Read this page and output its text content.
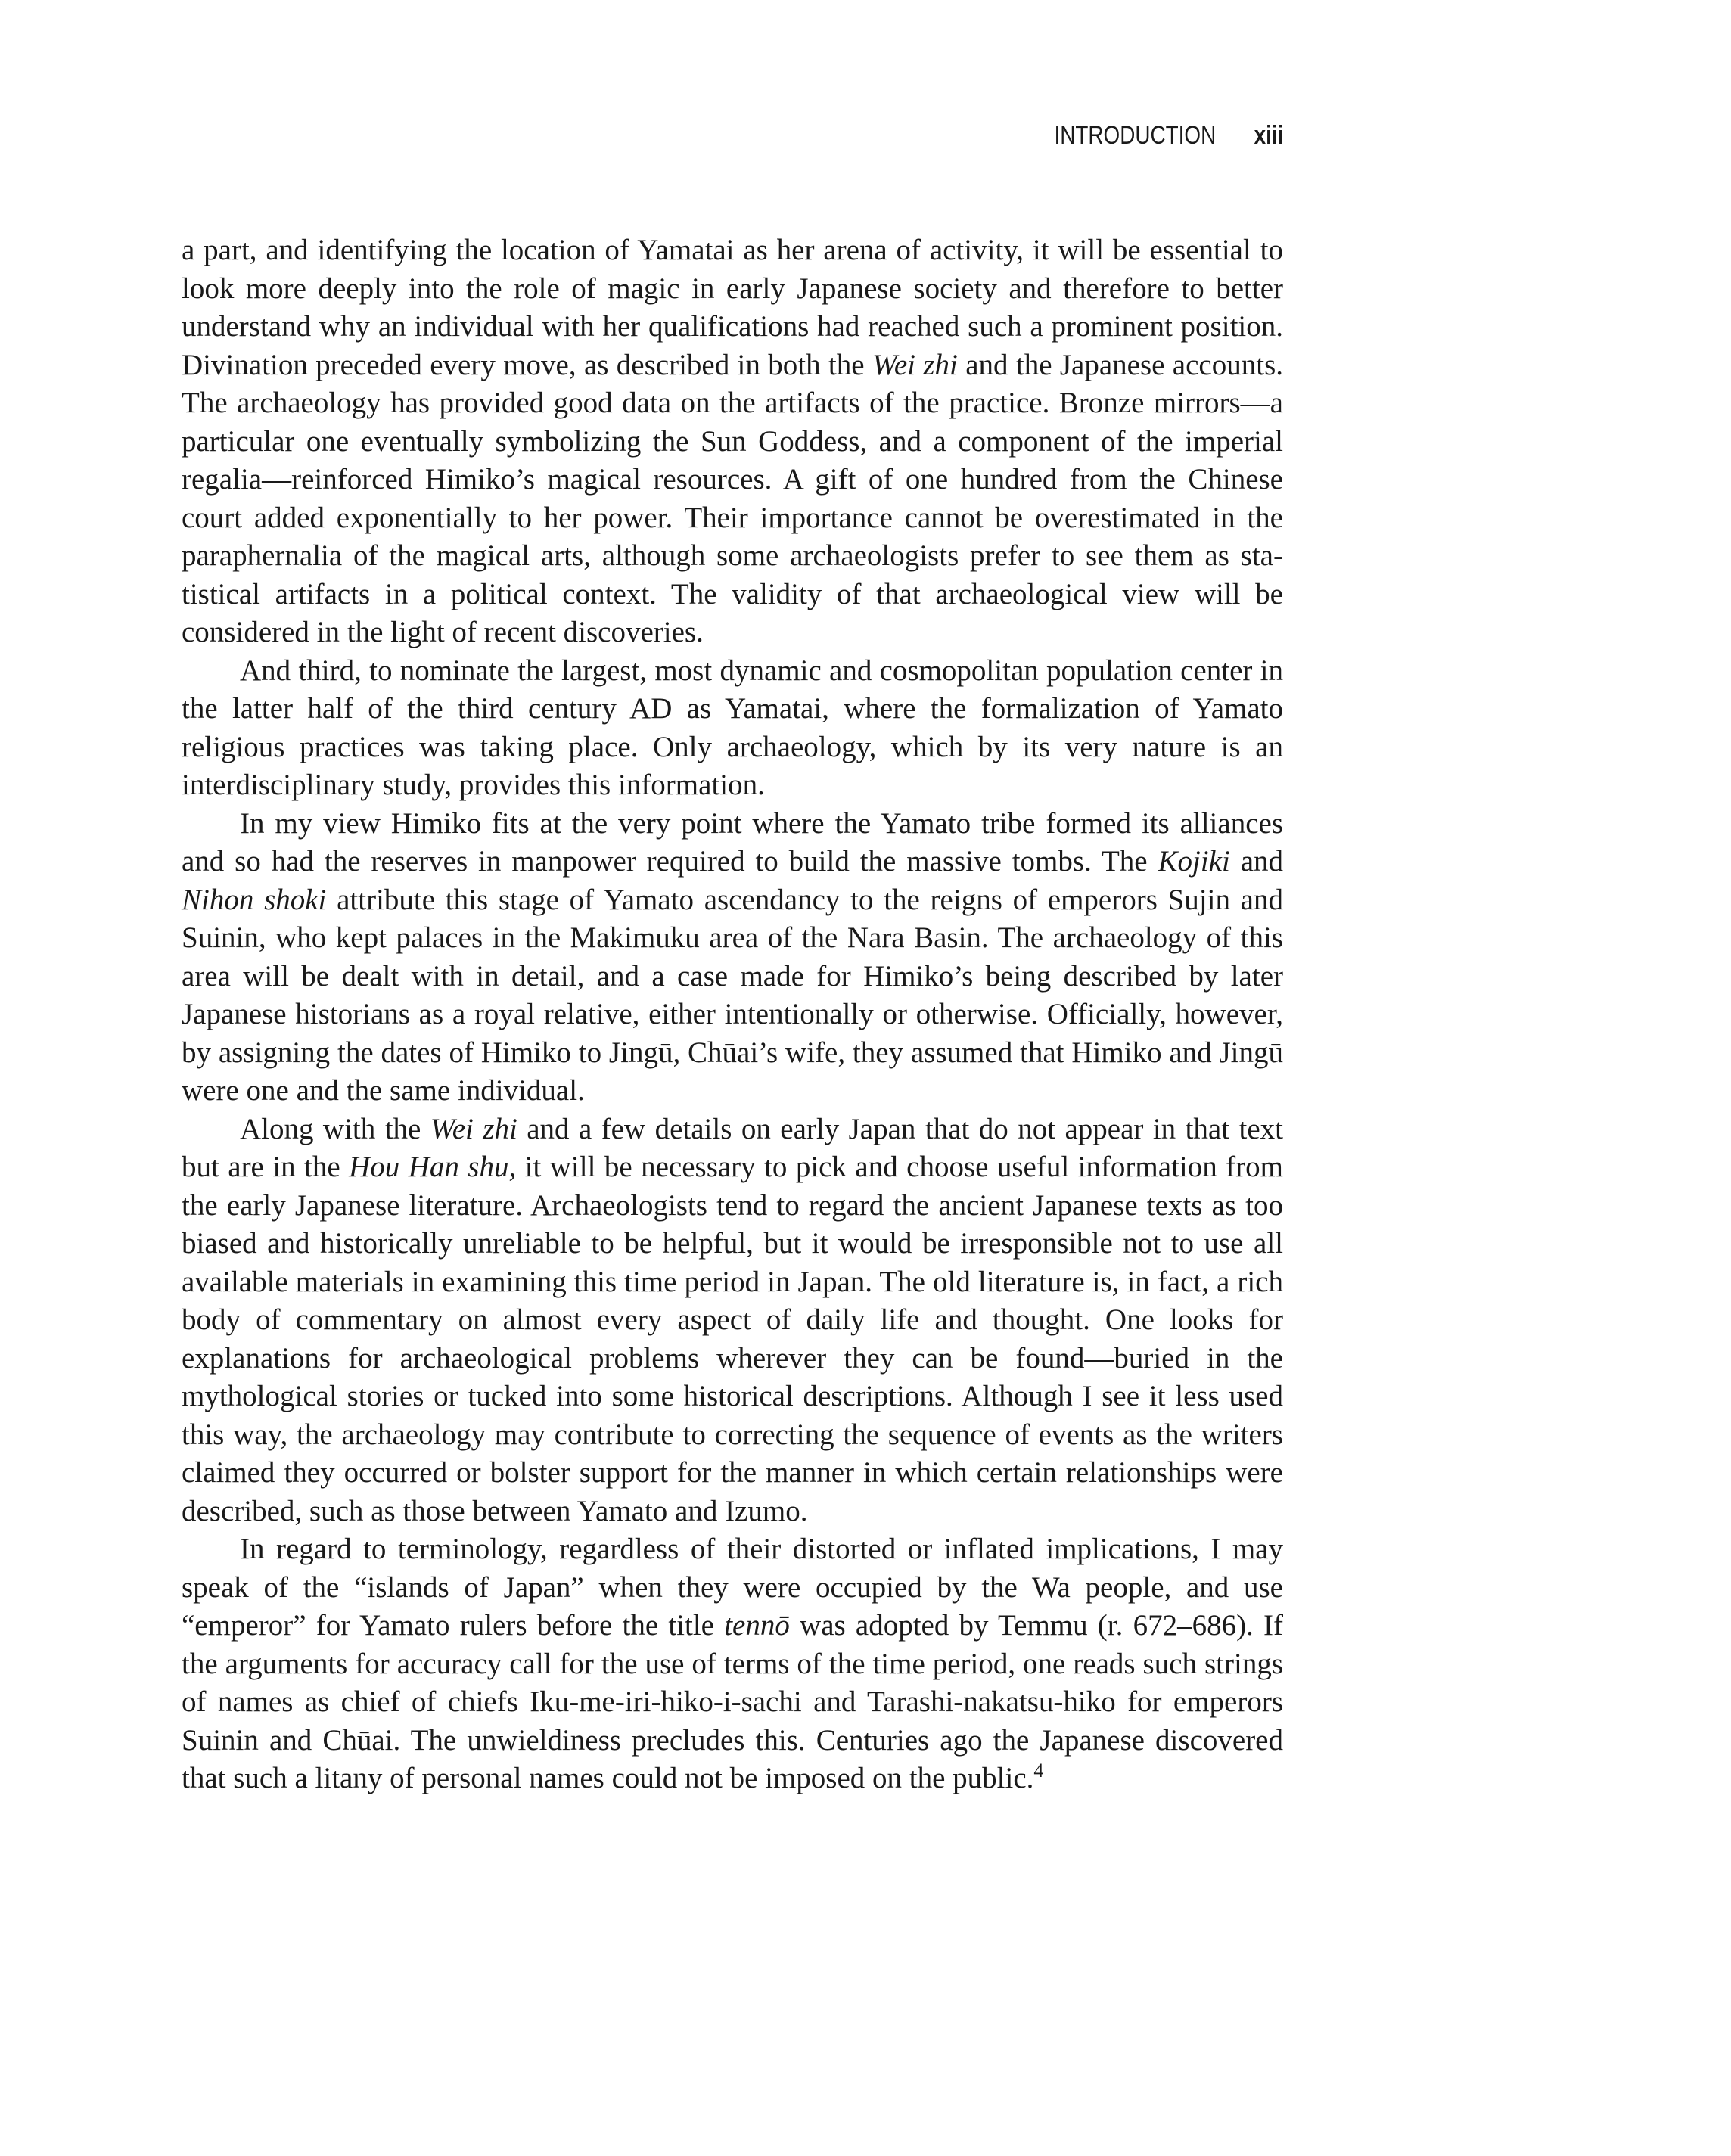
INTRODUCTION xiii

a part, and identifying the location of Yamatai as her arena of activity, it will be essential to look more deeply into the role of magic in early Japanese society and therefore to better understand why an individual with her qualifications had reached such a prominent position. Divination preceded every move, as described in both the Wei zhi and the Japanese accounts. The archaeology has provided good data on the artifacts of the practice. Bronze mirrors—a particular one eventually symbolizing the Sun Goddess, and a component of the imperial regalia—reinforced Himiko’s magical resources. A gift of one hundred from the Chinese court added exponentially to her power. Their importance cannot be overestimated in the paraphernalia of the magical arts, although some archaeologists prefer to see them as statistical artifacts in a political context. The validity of that archaeological view will be considered in the light of recent discoveries.

And third, to nominate the largest, most dynamic and cosmopolitan population center in the latter half of the third century AD as Yamatai, where the formalization of Yamato religious practices was taking place. Only archaeology, which by its very nature is an interdisciplinary study, provides this information.

In my view Himiko fits at the very point where the Yamato tribe formed its alliances and so had the reserves in manpower required to build the massive tombs. The Kojiki and Nihon shoki attribute this stage of Yamato ascendancy to the reigns of emperors Sujin and Suinin, who kept palaces in the Makimuku area of the Nara Basin. The archaeology of this area will be dealt with in detail, and a case made for Himiko’s being described by later Japanese historians as a royal relative, either intentionally or otherwise. Officially, however, by assigning the dates of Himiko to Jingū, Chūai’s wife, they assumed that Himiko and Jingū were one and the same individual.

Along with the Wei zhi and a few details on early Japan that do not appear in that text but are in the Hou Han shu, it will be necessary to pick and choose useful information from the early Japanese literature. Archaeologists tend to regard the ancient Japanese texts as too biased and historically unreliable to be helpful, but it would be irresponsible not to use all available materials in examining this time period in Japan. The old literature is, in fact, a rich body of commentary on almost every aspect of daily life and thought. One looks for explanations for archaeological problems wherever they can be found—buried in the mythological stories or tucked into some historical descriptions. Although I see it less used this way, the archaeology may contribute to correcting the sequence of events as the writers claimed they occurred or bolster support for the manner in which certain relationships were described, such as those between Yamato and Izumo.

In regard to terminology, regardless of their distorted or inflated implications, I may speak of the “islands of Japan” when they were occupied by the Wa people, and use “emperor” for Yamato rulers before the title tennō was adopted by Temmu (r. 672–686). If the arguments for accuracy call for the use of terms of the time period, one reads such strings of names as chief of chiefs Iku-me-iri-hiko-i-sachi and Tarashi-nakatsu-hiko for emperors Suinin and Chūai. The unwieldiness precludes this. Centuries ago the Japanese discovered that such a litany of personal names could not be imposed on the public.$^4$
